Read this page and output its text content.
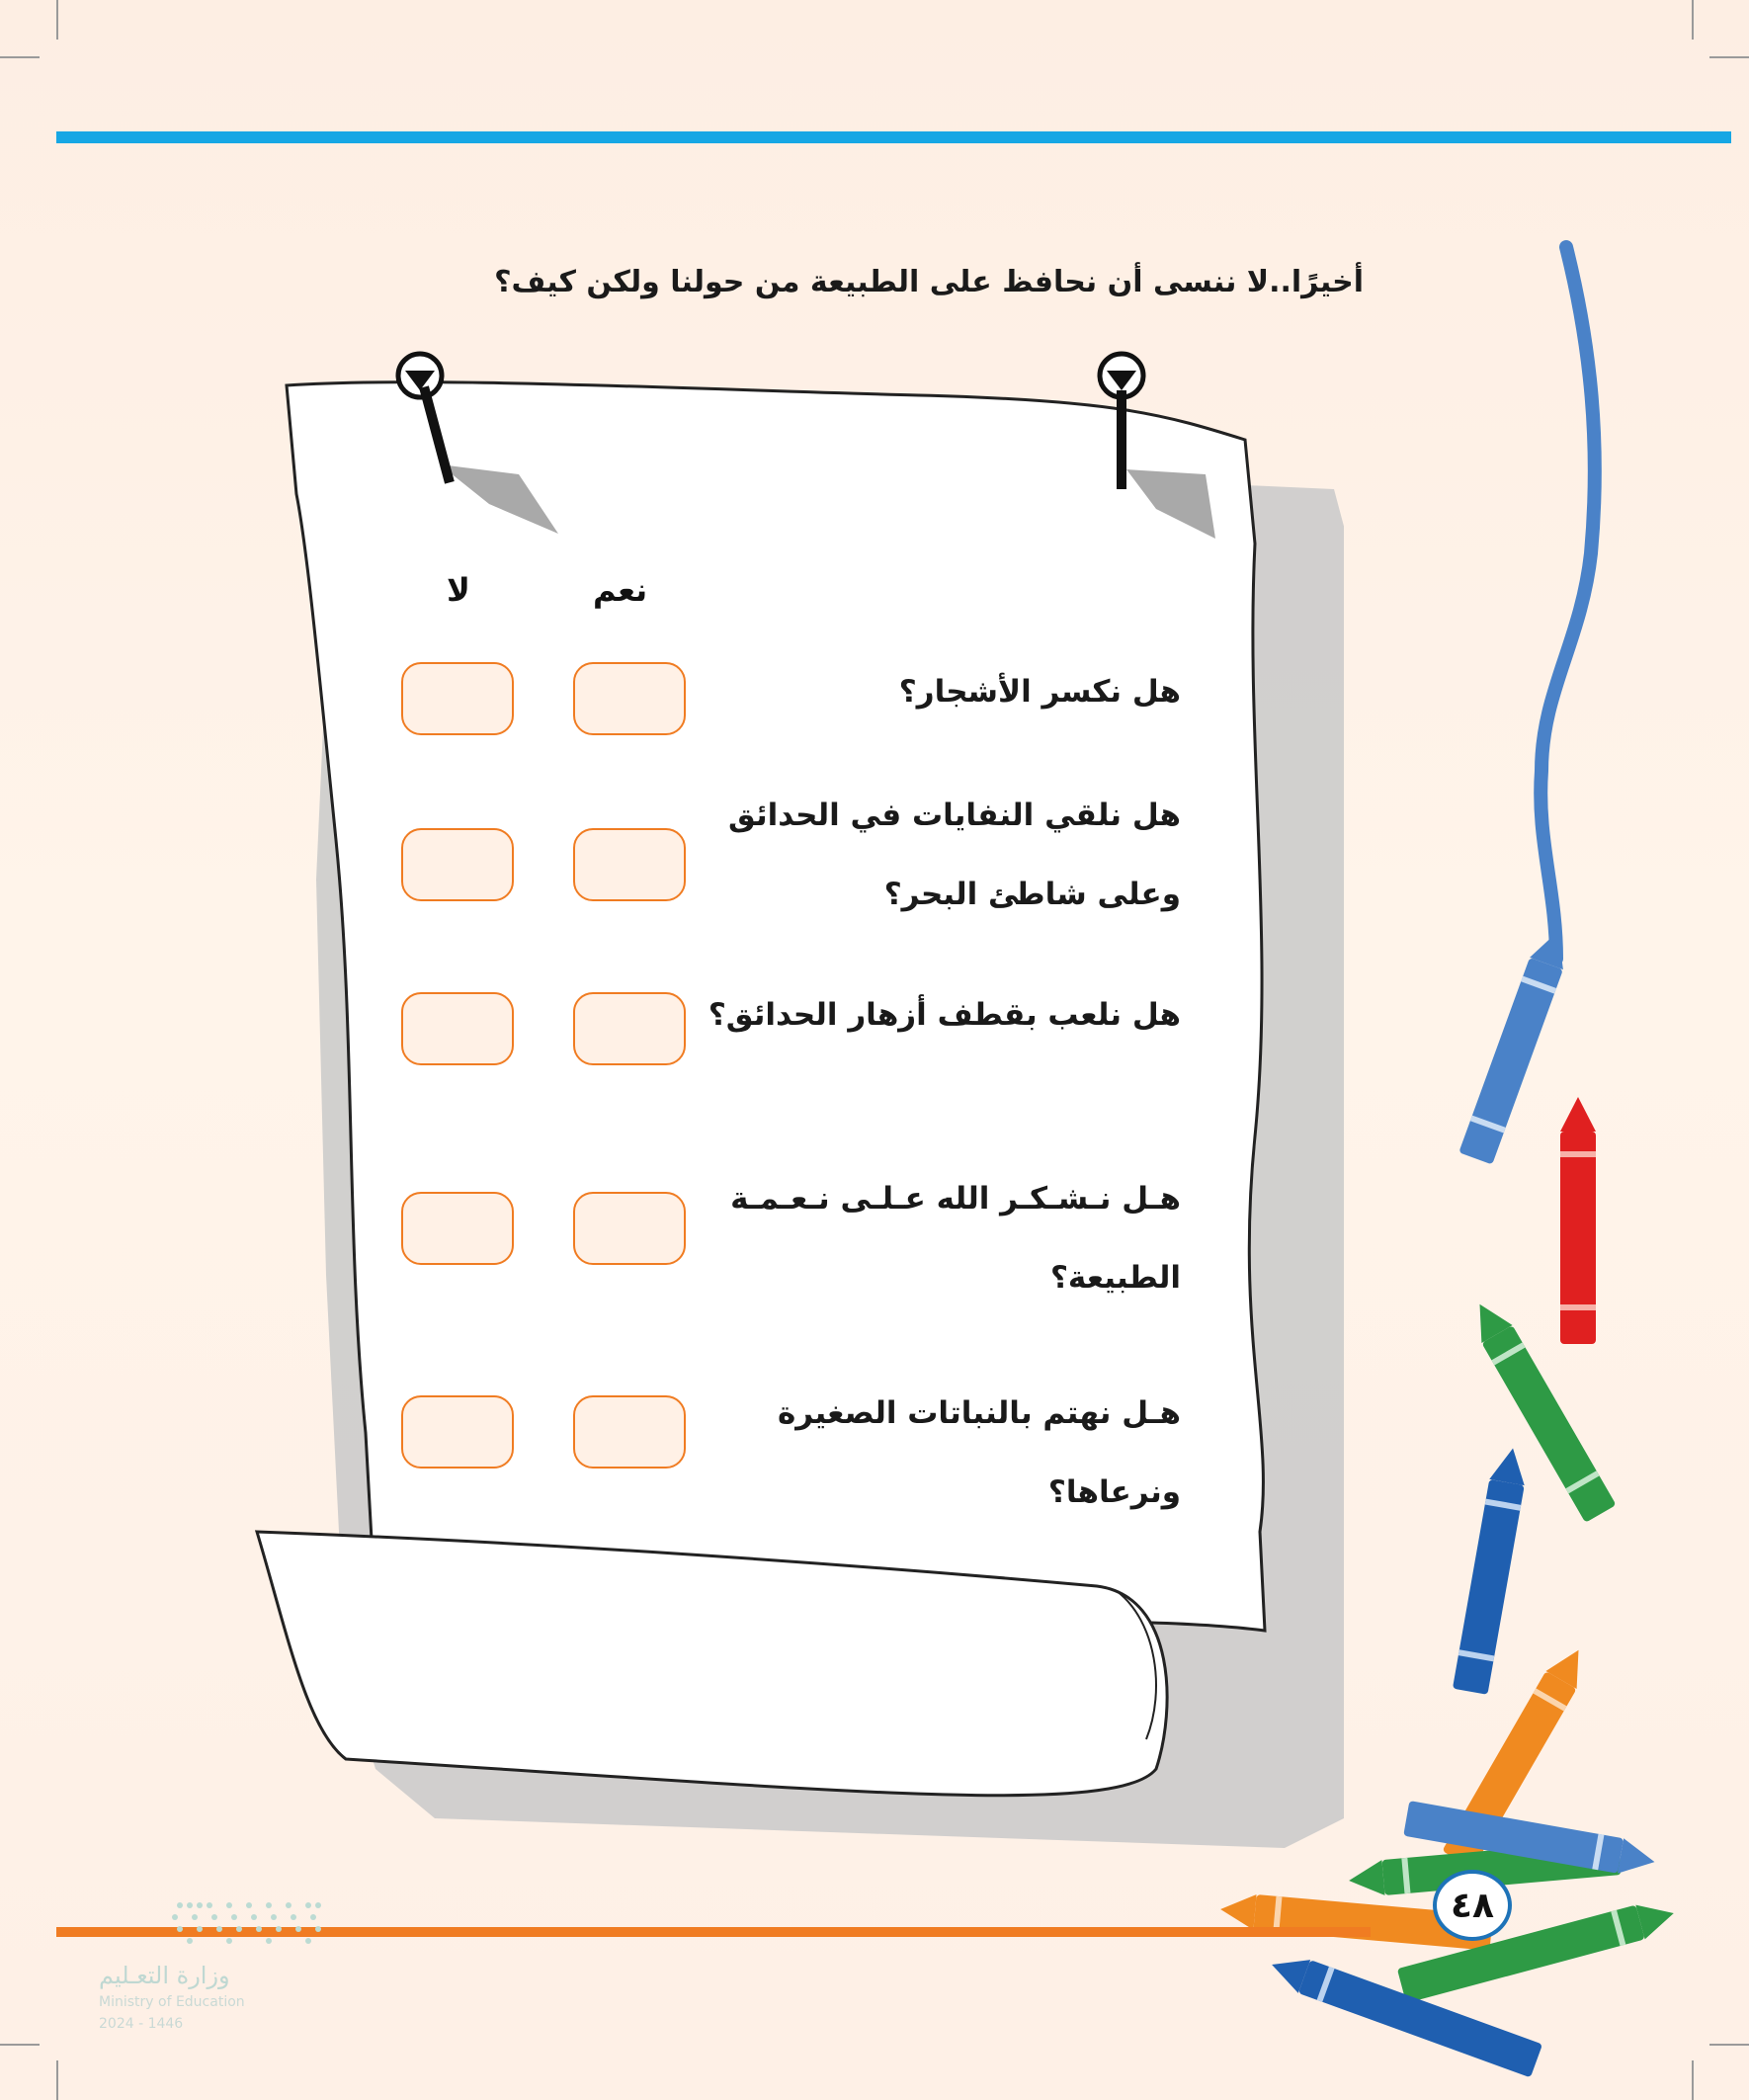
أخيرًا..لا ننسى أن نحافظ على الطبيعة من حولنا ولكن كيف؟
نعم
لا
هل نكسر الأشجار؟
هل نلقي النفايات في الحدائق
وعلى شاطئ البحر؟
هل نلعب بقطف أزهار الحدائق؟
هـل نـشـكـر الله عـلـى نـعـمـة
الطبيعة؟
هـل نهتم بالنباتات الصغيرة
ونرعاها؟
٤٨
وزارة التعـليم
Ministry of Education
2024 - 1446
